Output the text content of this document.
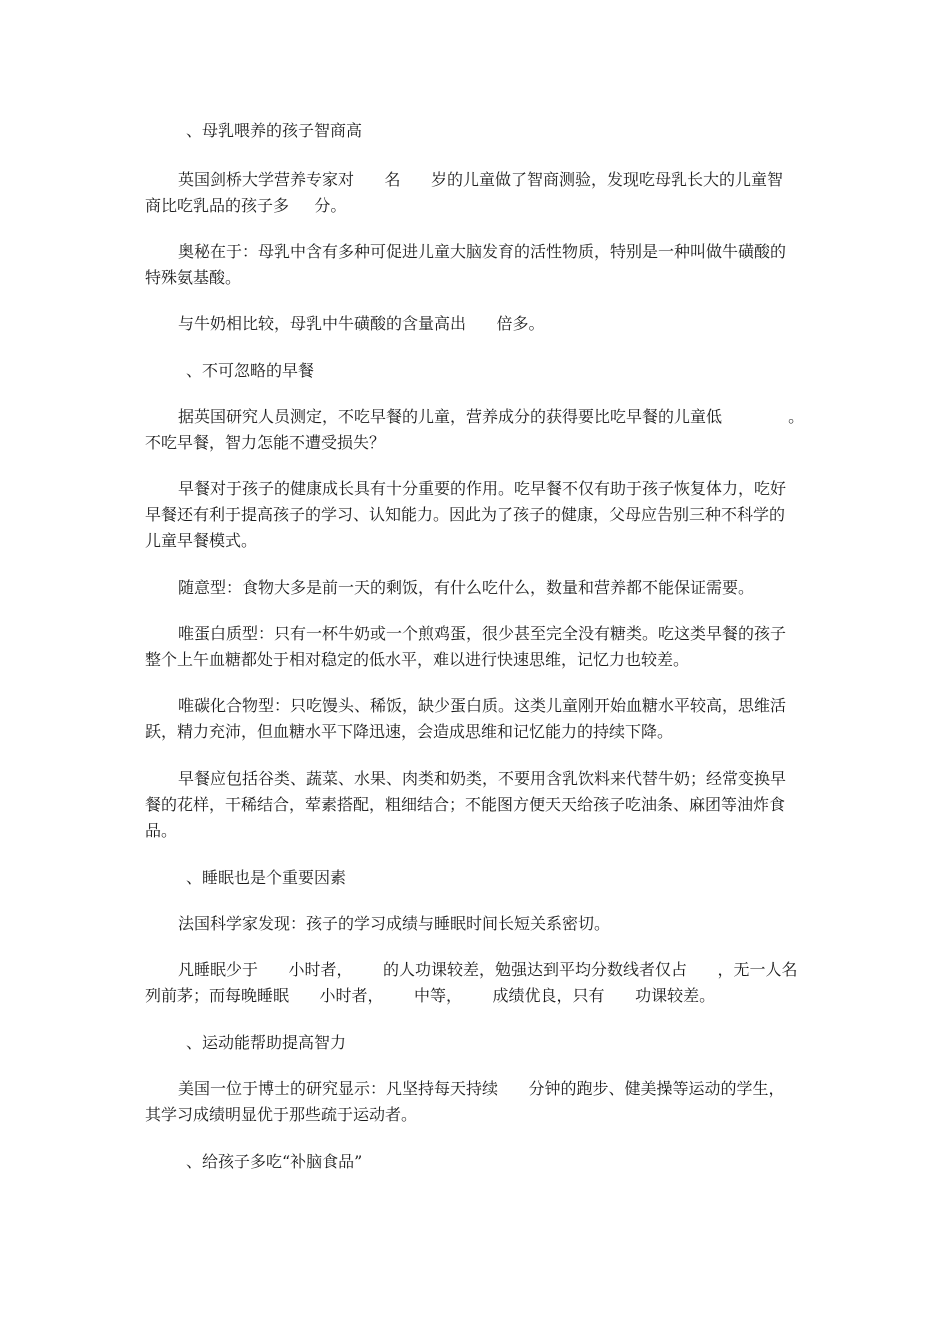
、母乳喂养的孩子智商高
英国剑桥大学营养专家对      名      岁的儿童做了智商测验，发现吃母乳长大的儿童智
商比吃乳品的孩子多     分。
奥秘在于：母乳中含有多种可促进儿童大脑发育的活性物质，特别是一种叫做牛磺酸的
特殊氨基酸。
与牛奶相比较，母乳中牛磺酸的含量高出      倍多。
、不可忽略的早餐
据英国研究人员测定，不吃早餐的儿童，营养成分的获得要比吃早餐的儿童低             。
不吃早餐，智力怎能不遭受损失？
早餐对于孩子的健康成长具有十分重要的作用。吃早餐不仅有助于孩子恢复体力，吃好
早餐还有利于提高孩子的学习、认知能力。因此为了孩子的健康，父母应告别三种不科学的
儿童早餐模式。
随意型：食物大多是前一天的剩饭，有什么吃什么，数量和营养都不能保证需要。
唯蛋白质型：只有一杯牛奶或一个煎鸡蛋，很少甚至完全没有糖类。吃这类早餐的孩子
整个上午血糖都处于相对稳定的低水平，难以进行快速思维，记忆力也较差。
唯碳化合物型：只吃馒头、稀饭，缺少蛋白质。这类儿童刚开始血糖水平较高，思维活
跃，精力充沛，但血糖水平下降迅速，会造成思维和记忆能力的持续下降。
早餐应包括谷类、蔬菜、水果、肉类和奶类，不要用含乳饮料来代替牛奶；经常变换早
餐的花样，干稀结合，荤素搭配，粗细结合；不能图方便天天给孩子吃油条、麻团等油炸食
品。
、睡眠也是个重要因素
法国科学家发现：孩子的学习成绩与睡眠时间长短关系密切。
凡睡眠少于      小时者，      的人功课较差，勉强达到平均分数线者仅占      ，无一人名
列前茅；而每晚睡眠      小时者，      中等，      成绩优良，只有      功课较差。
、运动能帮助提高智力
美国一位于博士的研究显示：凡坚持每天持续      分钟的跑步、健美操等运动的学生，
其学习成绩明显优于那些疏于运动者。
、给孩子多吃“补脑食品”
